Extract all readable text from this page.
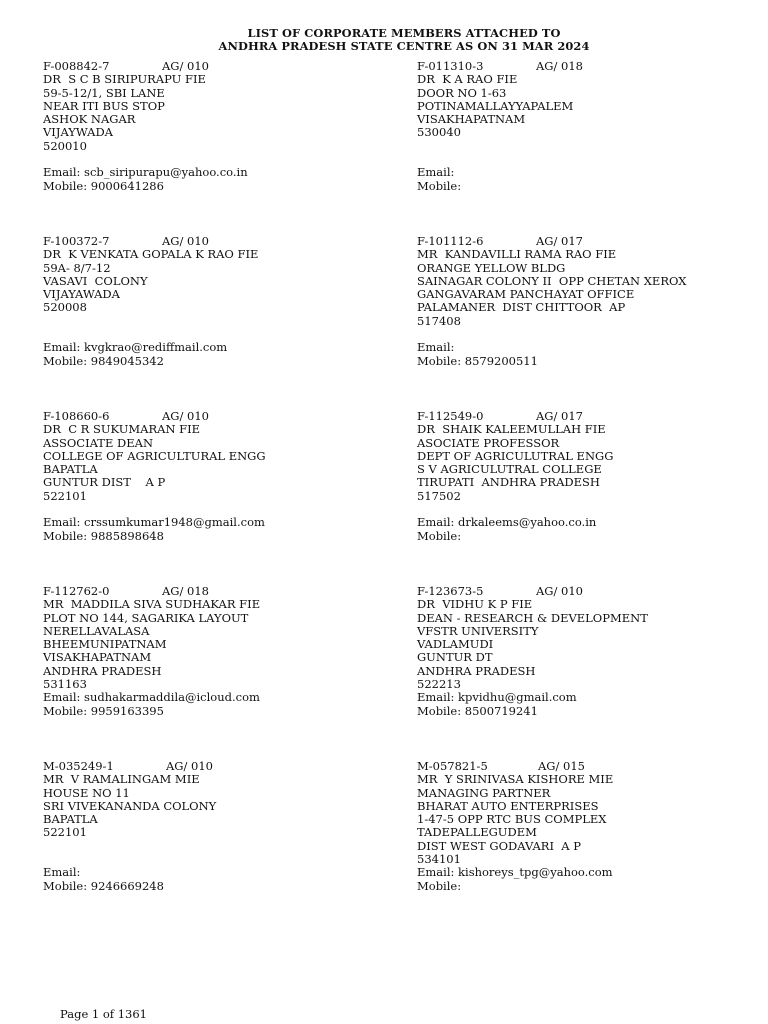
LIST OF CORPORATE MEMBERS ATTACHED TO
ANDHRA PRADESH STATE CENTRE AS ON 31 MAR 2024
F-008842-7	AG/ 010
DR  S C B SIRIPURAPU FIE
59-5-12/1, SBI LANE
NEAR ITI BUS STOP
ASHOK NAGAR
VIJAYWADA
520010
Email: scb_siripurapu@yahoo.co.in
Mobile: 9000641286
F-011310-3	AG/ 018
DR  K A RAO FIE
DOOR NO 1-63
POTINAMALLAYYAPALEM
VISAKHAPATNAM
530040
Email:
Mobile:
F-100372-7	AG/ 010
DR  K VENKATA GOPALA K RAO FIE
59A- 8/7-12
VASAVI  COLONY
VIJAYAWADA
520008
Email: kvgkrao@rediffmail.com
Mobile: 9849045342
F-101112-6	AG/ 017
MR  KANDAVILLI RAMA RAO FIE
ORANGE YELLOW BLDG
SAINAGAR COLONY II  OPP CHETAN XEROX
GANGAVARAM PANCHAYAT OFFICE
PALAMANER  DIST CHITTOOR  AP
517408
Email:
Mobile: 8579200511
F-108660-6	AG/ 010
DR  C R SUKUMARAN FIE
ASSOCIATE DEAN
COLLEGE OF AGRICULTURAL ENGG
BAPATLA
GUNTUR DIST    A P
522101
Email: crssumkumar1948@gmail.com
Mobile: 9885898648
F-112549-0	AG/ 017
DR  SHAIK KALEEMULLAH FIE
ASOCIATE PROFESSOR
DEPT OF AGRICULUTRAL ENGG
S V AGRICULUTRAL COLLEGE
TIRUPATI  ANDHRA PRADESH
517502
Email: drkaleems@yahoo.co.in
Mobile:
F-112762-0	AG/ 018
MR  MADDILA SIVA SUDHAKAR FIE
PLOT NO 144, SAGARIKA LAYOUT
NERELLAVALASA
BHEEMUNIPATNAM
VISAKHAPATNAM
ANDHRA PRADESH
531163
Email: sudhakarmaddila@icloud.com
Mobile: 9959163395
F-123673-5	AG/ 010
DR  VIDHU K P FIE
DEAN - RESEARCH & DEVELOPMENT
VFSTR UNIVERSITY
VADLAMUDI
GUNTUR DT
ANDHRA PRADESH
522213
Email: kpvidhu@gmail.com
Mobile: 8500719241
M-035249-1	AG/ 010
MR  V RAMALINGAM MIE
HOUSE NO 11
SRI VIVEKANANDA COLONY
BAPATLA
522101
Email:
Mobile: 9246669248
M-057821-5	AG/ 015
MR  Y SRINIVASA KISHORE MIE
MANAGING PARTNER
BHARAT AUTO ENTERPRISES
1-47-5 OPP RTC BUS COMPLEX
TADEPALLEGUDEM
DIST WEST GODAVARI  A P
534101
Email: kishoreys_tpg@yahoo.com
Mobile:
Page 1 of 1361
